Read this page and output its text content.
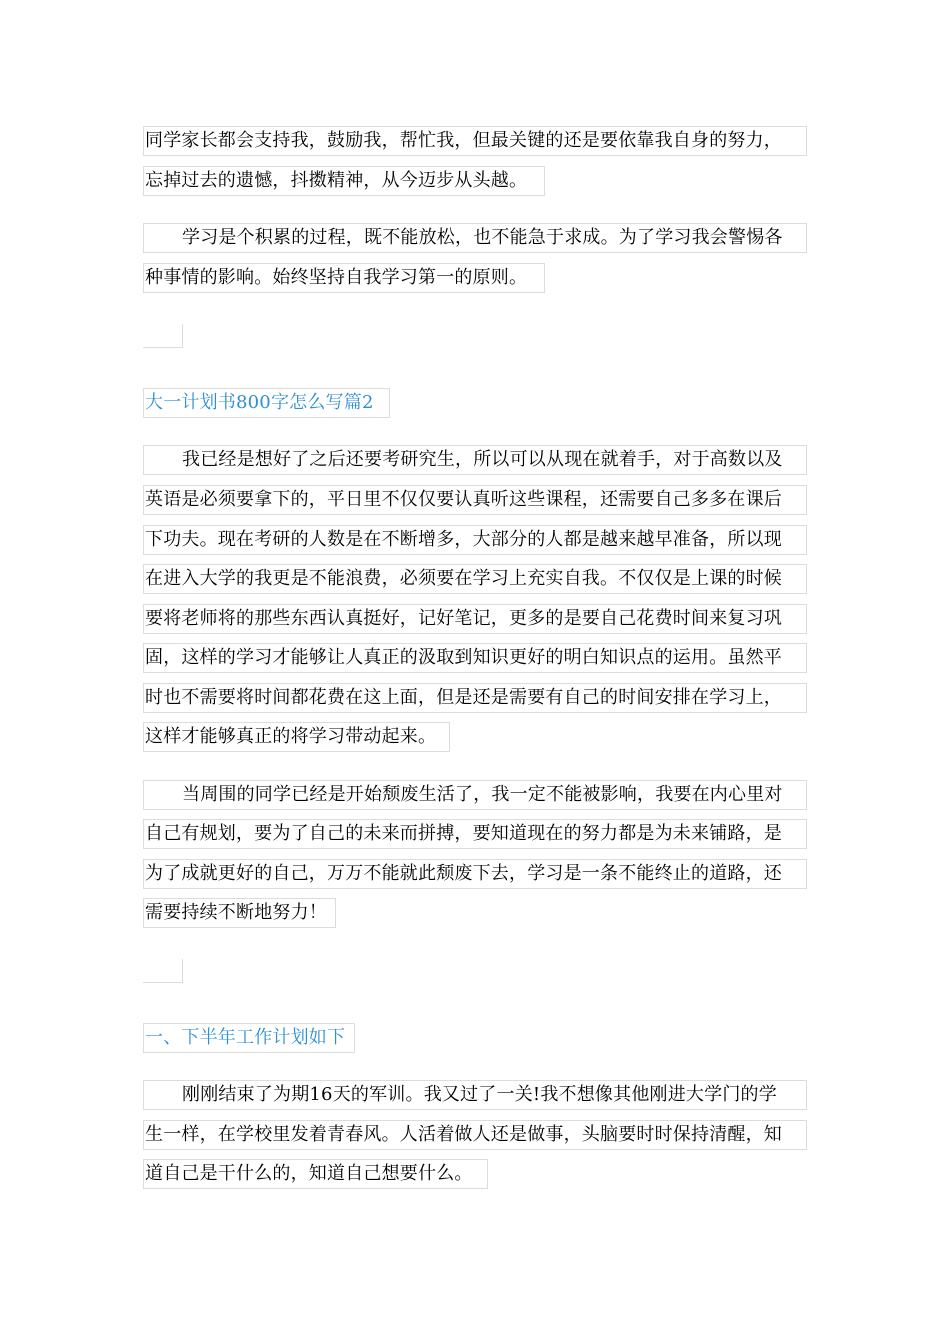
同学家长都会支持我，鼓励我，帮忙我，但最关键的还是要依靠我自身的努力，
忘掉过去的遗憾，抖擞精神，从今迈步从头越。
学习是个积累的过程，既不能放松，也不能急于求成。为了学习我会警惕各
种事情的影响。始终坚持自我学习第一的原则。
大一计划书800字怎么写篇2
我已经是想好了之后还要考研究生，所以可以从现在就着手，对于高数以及
英语是必须要拿下的，平日里不仅仅要认真听这些课程，还需要自己多多在课后
下功夫。现在考研的人数是在不断增多，大部分的人都是越来越早准备，所以现
在进入大学的我更是不能浪费，必须要在学习上充实自我。不仅仅是上课的时候
要将老师将的那些东西认真挺好，记好笔记，更多的是要自己花费时间来复习巩
固，这样的学习才能够让人真正的汲取到知识更好的明白知识点的运用。虽然平
时也不需要将时间都花费在这上面，但是还是需要有自己的时间安排在学习上，
这样才能够真正的将学习带动起来。
当周围的同学已经是开始颓废生活了，我一定不能被影响，我要在内心里对
自己有规划，要为了自己的未来而拼搏，要知道现在的努力都是为未来铺路，是
为了成就更好的自己，万万不能就此颓废下去，学习是一条不能终止的道路，还
需要持续不断地努力！
一、下半年工作计划如下
刚刚结束了为期16天的军训。我又过了一关!我不想像其他刚进大学门的学
生一样，在学校里发着青春风。人活着做人还是做事，头脑要时时保持清醒，知
道自己是干什么的，知道自己想要什么。
